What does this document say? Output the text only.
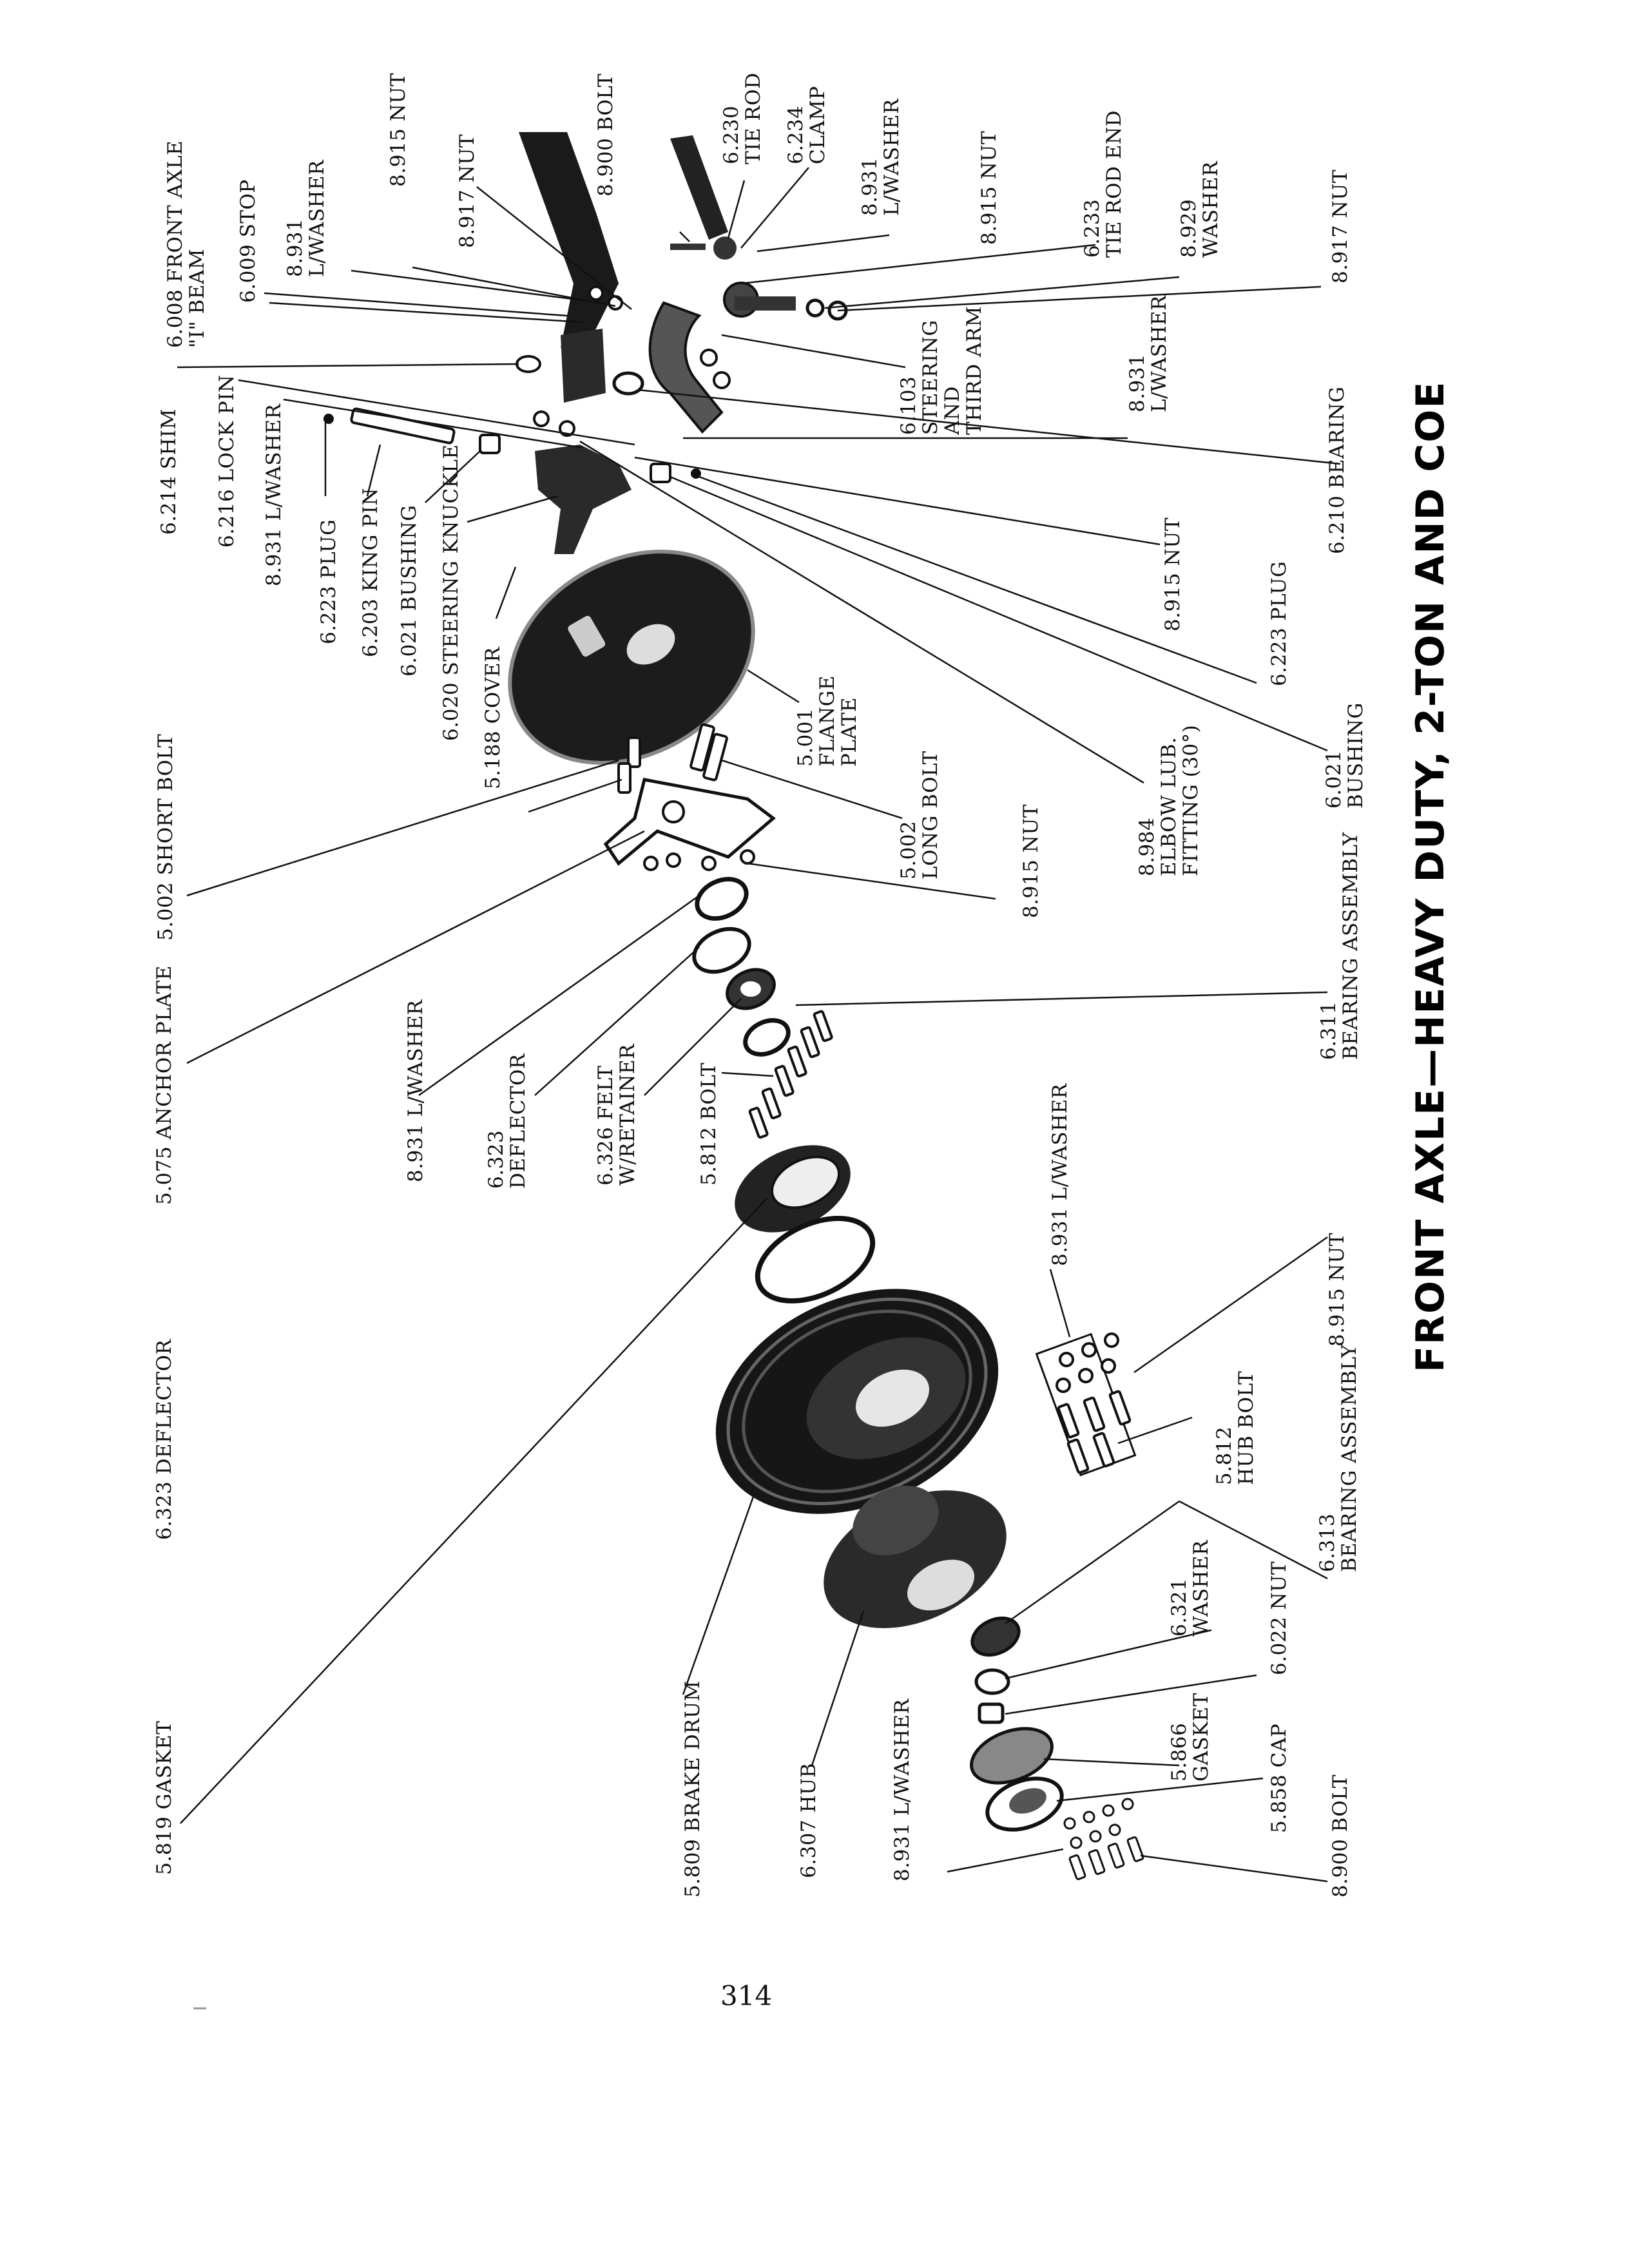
6.008 FRONT AXLE"I" BEAM 6.009 STOP 8.931L/WASHER
8.915 NUT
8.917 NUT	8.900 BOLT	6.230TIE ROD 6.234CLAMP
8.931L/WASHER	8.915 NUT	6.233TIE ROD END	8.929WASHER	8.917 NUT
6.103STEERINGANDTHIRD ARM	8.931L/WASHER
6.210 BEARING
6.214 SHIM 6.216 LOCK PIN 8.931 L/WASHER 6.223 PLUG 6.203 KING PIN 6.021 BUSHING 6.020 STEERING KNUCKLE 5.188 COVER
8.915 NUT	6.223 PLUG
5.001FLANGEPLATE
6.021BUSHING
8.984ELBOW LUB.FITTING (30°)
5.002LONG BOLT
5.002 SHORT BOLT	8.915 NUT
6.311BEARING ASSEMBLY
5.075 ANCHOR PLATE	8.931 L/WASHER	6.323DEFLECTOR	6.326 FELTW/RETAINER	5.812 BOLT	8.931 L/WASHER
8.915 NUT
6.323 DEFLECTOR	5.812HUB BOLT
6.313BEARING ASSEMBLY
6.321WASHER	6.022 NUT
5.866GASKET	5.858 CAP 8.900 BOLT
5.819 GASKET	5.809 BRAKE DRUM	6.307 HUB	8.931 L/WASHER
FRONT AXLE—HEAVY DUTY, 2-TON AND COE
314
